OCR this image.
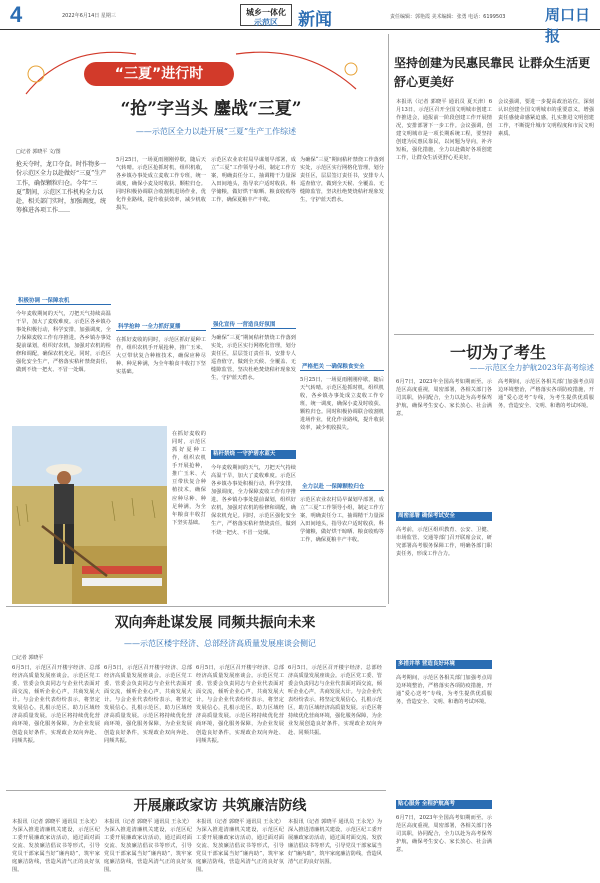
4	2022年6月14日 星期三	城乡一体化
示范区	新闻	责任编辑：郭艳霞 美术编辑：张勇 电话：6199503	周口日报
“三夏”进行时
“抢”字当头 鏖战“三夏”
——示范区全力以赴开展“三夏”生产工作综述
□记者 郭晓平 文/图
抢天夺时，龙口夺食。时作物多一份示范区全力以赴做好“三夏”生产工作，确保颗粒归仓。今年“三夏”期间，示范区工作机构全力以赴，相关部门实时，加强调度，统筹推进各项工作……
积极协调 一保障农机
今年麦收期间的天气，刀把天气持续高温干旱，加大了麦收难度。示范区各乡镇办事处积极行动，科学安排，加强调度，全力保障麦收工作有序推进。各乡镇办事处提前谋划，组织好农机，加强对农机的检修和调配，确保农机充足。同时，示范区强化安全生产，严格落实秸秆禁烧责任，做到不烧一把火、不冒一处烟。
5月25日，一场夏雨刚刚停歇，随后天气转晴。示范区抢抓时机，组织机收，各乡镇办事处成立麦收工作专班，统一调度，确保小麦及时收获、颗粒归仓。同时积极协调联合收割机进场作业，优化作业路线，提升收获效率，减少机收损失。
科学抢种 一全力抓好夏播
在抓好麦收的同时，示范区抓好夏种工作，组织农机手开展抢种，推广玉米、大豆带状复合种植技术，确保应种尽种、种足种满，为全年粮食丰收打下坚实基础。
示范区农业农村局早谋划早部署，成立“三夏”工作领导小组，制定工作方案，明确责任分工，抽调精干力量深入田间地头，指导农户适时收获、科学储粮，做好烘干晾晒、粮食收购等工作，确保夏粮丰产丰收。
强化宣传 一营造良好氛围
为确保“三夏”期间秸秆禁烧工作落到实处，示范区实行网格化管理，划分责任区，层层签订责任书，安排专人巡查值守，做到全天候、全覆盖、无缝隙监管，坚决杜绝焚烧秸秆现象发生，守护蓝天碧水。
秸秆禁烧 一守护碧水蓝天
今年麦收期间的天气，刀把天气持续高温干旱，加大了麦收难度。示范区各乡镇办事处积极行动，科学安排，加强调度，全力保障麦收工作有序推进。各乡镇办事处提前谋划，组织好农机，加强对农机的检修和调配，确保农机充足。同时，示范区强化安全生产，严格落实秸秆禁烧责任，做到不烧一把火、不冒一处烟。
为确保“三夏”期间秸秆禁烧工作落到实处，示范区实行网格化管理，划分责任区，层层签订责任书，安排专人巡查值守，做到全天候、全覆盖、无缝隙监管，坚决杜绝焚烧秸秆现象发生，守护蓝天碧水。
严格把关 一确保粮食安全
5月25日，一场夏雨刚刚停歇，随后天气转晴。示范区抢抓时机，组织机收，各乡镇办事处成立麦收工作专班，统一调度，确保小麦及时收获、颗粒归仓。同时积极协调联合收割机进场作业，优化作业路线，提升收获效率，减少机收损失。
全力以赴 一保障颗粒归仓
示范区农业农村局早谋划早部署，成立“三夏”工作领导小组，制定工作方案，明确责任分工，抽调精干力量深入田间地头，指导农户适时收获、科学储粮，做好烘干晾晒、粮食收购等工作，确保夏粮丰产丰收。
在抓好麦收的同时，示范区抓好夏种工作，组织农机手开展抢种，推广玉米、大豆带状复合种植技术，确保应种尽种、种足种满，为全年粮食丰收打下坚实基础。
坚持创建为民惠民靠民 让群众生活更舒心更美好
本报讯（记者 郭晓平 通讯员 夏天津）6月13日，示范区召开全国文明城市创建工作推进会，通报前一阶段创建工作开展情况，安排部署下一步工作。会议强调，创建文明城市是一项长期系统工程，要坚持创建为民惠民靠民，以问题为导向，补齐短板，强化措施，全力以赴做好各项创建工作，让群众生活更舒心更美好。
会议强调，要进一步提高政治站位，深刻认识创建全国文明城市的重要意义，增强责任感使命感紧迫感，扎实推进文明创建工作，不断提升城市文明程度和市民文明素质。
一切为了考生
——示范区全力护航2023年高考综述
6月7日，2023年全国高考如期而至。示范区高度重视，周密部署，各相关部门各司其职，协同配合，全力以赴为高考保驾护航，确保考生安心、家长放心、社会满意。
周密部署 确保考试安全
高考前，示范区组织教育、公安、卫健、市场监管、交通等部门召开联席会议，研究部署高考服务保障工作，明确各部门职责任务，形成工作合力。
多措并举 营造良好环境
高考期间，示范区各相关部门加强考点周边环境整治，严格落实各项防疫措施，开通“爱心送考”专线，为考生提供优质服务，营造安全、文明、和谐的考试环境。
贴心服务 全程护航高考
6月7日，2023年全国高考如期而至。示范区高度重视，周密部署，各相关部门各司其职，协同配合，全力以赴为高考保驾护航，确保考生安心、家长放心、社会满意。
高考期间，示范区各相关部门加强考点周边环境整治，严格落实各项防疫措施，开通“爱心送考”专线，为考生提供优质服务，营造安全、文明、和谐的考试环境。
双向奔赴谋发展 同频共振向未来
——示范区楼宇经济、总部经济高质量发展座谈会侧记
□记者 郭晓平
6月5日，示范区召开楼宇经济、总部经济高质量发展座谈会。示范区党工委、管委会负责同志与企业代表面对面交流，倾听企业心声，共商发展大计。与会企业代表纷纷表示，将坚定发展信心，扎根示范区，助力区域经济高质量发展。示范区将持续优化营商环境，强化服务保障，为企业发展创造良好条件，实现政企双向奔赴、同频共振。
6月5日，示范区召开楼宇经济、总部经济高质量发展座谈会。示范区党工委、管委会负责同志与企业代表面对面交流，倾听企业心声，共商发展大计。与会企业代表纷纷表示，将坚定发展信心，扎根示范区，助力区域经济高质量发展。示范区将持续优化营商环境，强化服务保障，为企业发展创造良好条件，实现政企双向奔赴、同频共振。
6月5日，示范区召开楼宇经济、总部经济高质量发展座谈会。示范区党工委、管委会负责同志与企业代表面对面交流，倾听企业心声，共商发展大计。与会企业代表纷纷表示，将坚定发展信心，扎根示范区，助力区域经济高质量发展。示范区将持续优化营商环境，强化服务保障，为企业发展创造良好条件，实现政企双向奔赴、同频共振。
6月5日，示范区召开楼宇经济、总部经济高质量发展座谈会。示范区党工委、管委会负责同志与企业代表面对面交流，倾听企业心声，共商发展大计。与会企业代表纷纷表示，将坚定发展信心，扎根示范区，助力区域经济高质量发展。示范区将持续优化营商环境，强化服务保障，为企业发展创造良好条件，实现政企双向奔赴、同频共振。
开展廉政家访 共筑廉洁防线
本报讯（记者 郭晓平 通讯员 王永光）为深入推进清廉机关建设，示范区纪工委开展廉政家访活动，通过面对面交流、发放廉洁倡议书等形式，引导党员干部家属当好“廉内助”，筑牢家庭廉洁防线，营造风清气正的良好氛围。
本报讯（记者 郭晓平 通讯员 王永光）为深入推进清廉机关建设，示范区纪工委开展廉政家访活动，通过面对面交流、发放廉洁倡议书等形式，引导党员干部家属当好“廉内助”，筑牢家庭廉洁防线，营造风清气正的良好氛围。
本报讯（记者 郭晓平 通讯员 王永光）为深入推进清廉机关建设，示范区纪工委开展廉政家访活动，通过面对面交流、发放廉洁倡议书等形式，引导党员干部家属当好“廉内助”，筑牢家庭廉洁防线，营造风清气正的良好氛围。
本报讯（记者 郭晓平 通讯员 王永光）为深入推进清廉机关建设，示范区纪工委开展廉政家访活动，通过面对面交流、发放廉洁倡议书等形式，引导党员干部家属当好“廉内助”，筑牢家庭廉洁防线，营造风清气正的良好氛围。
